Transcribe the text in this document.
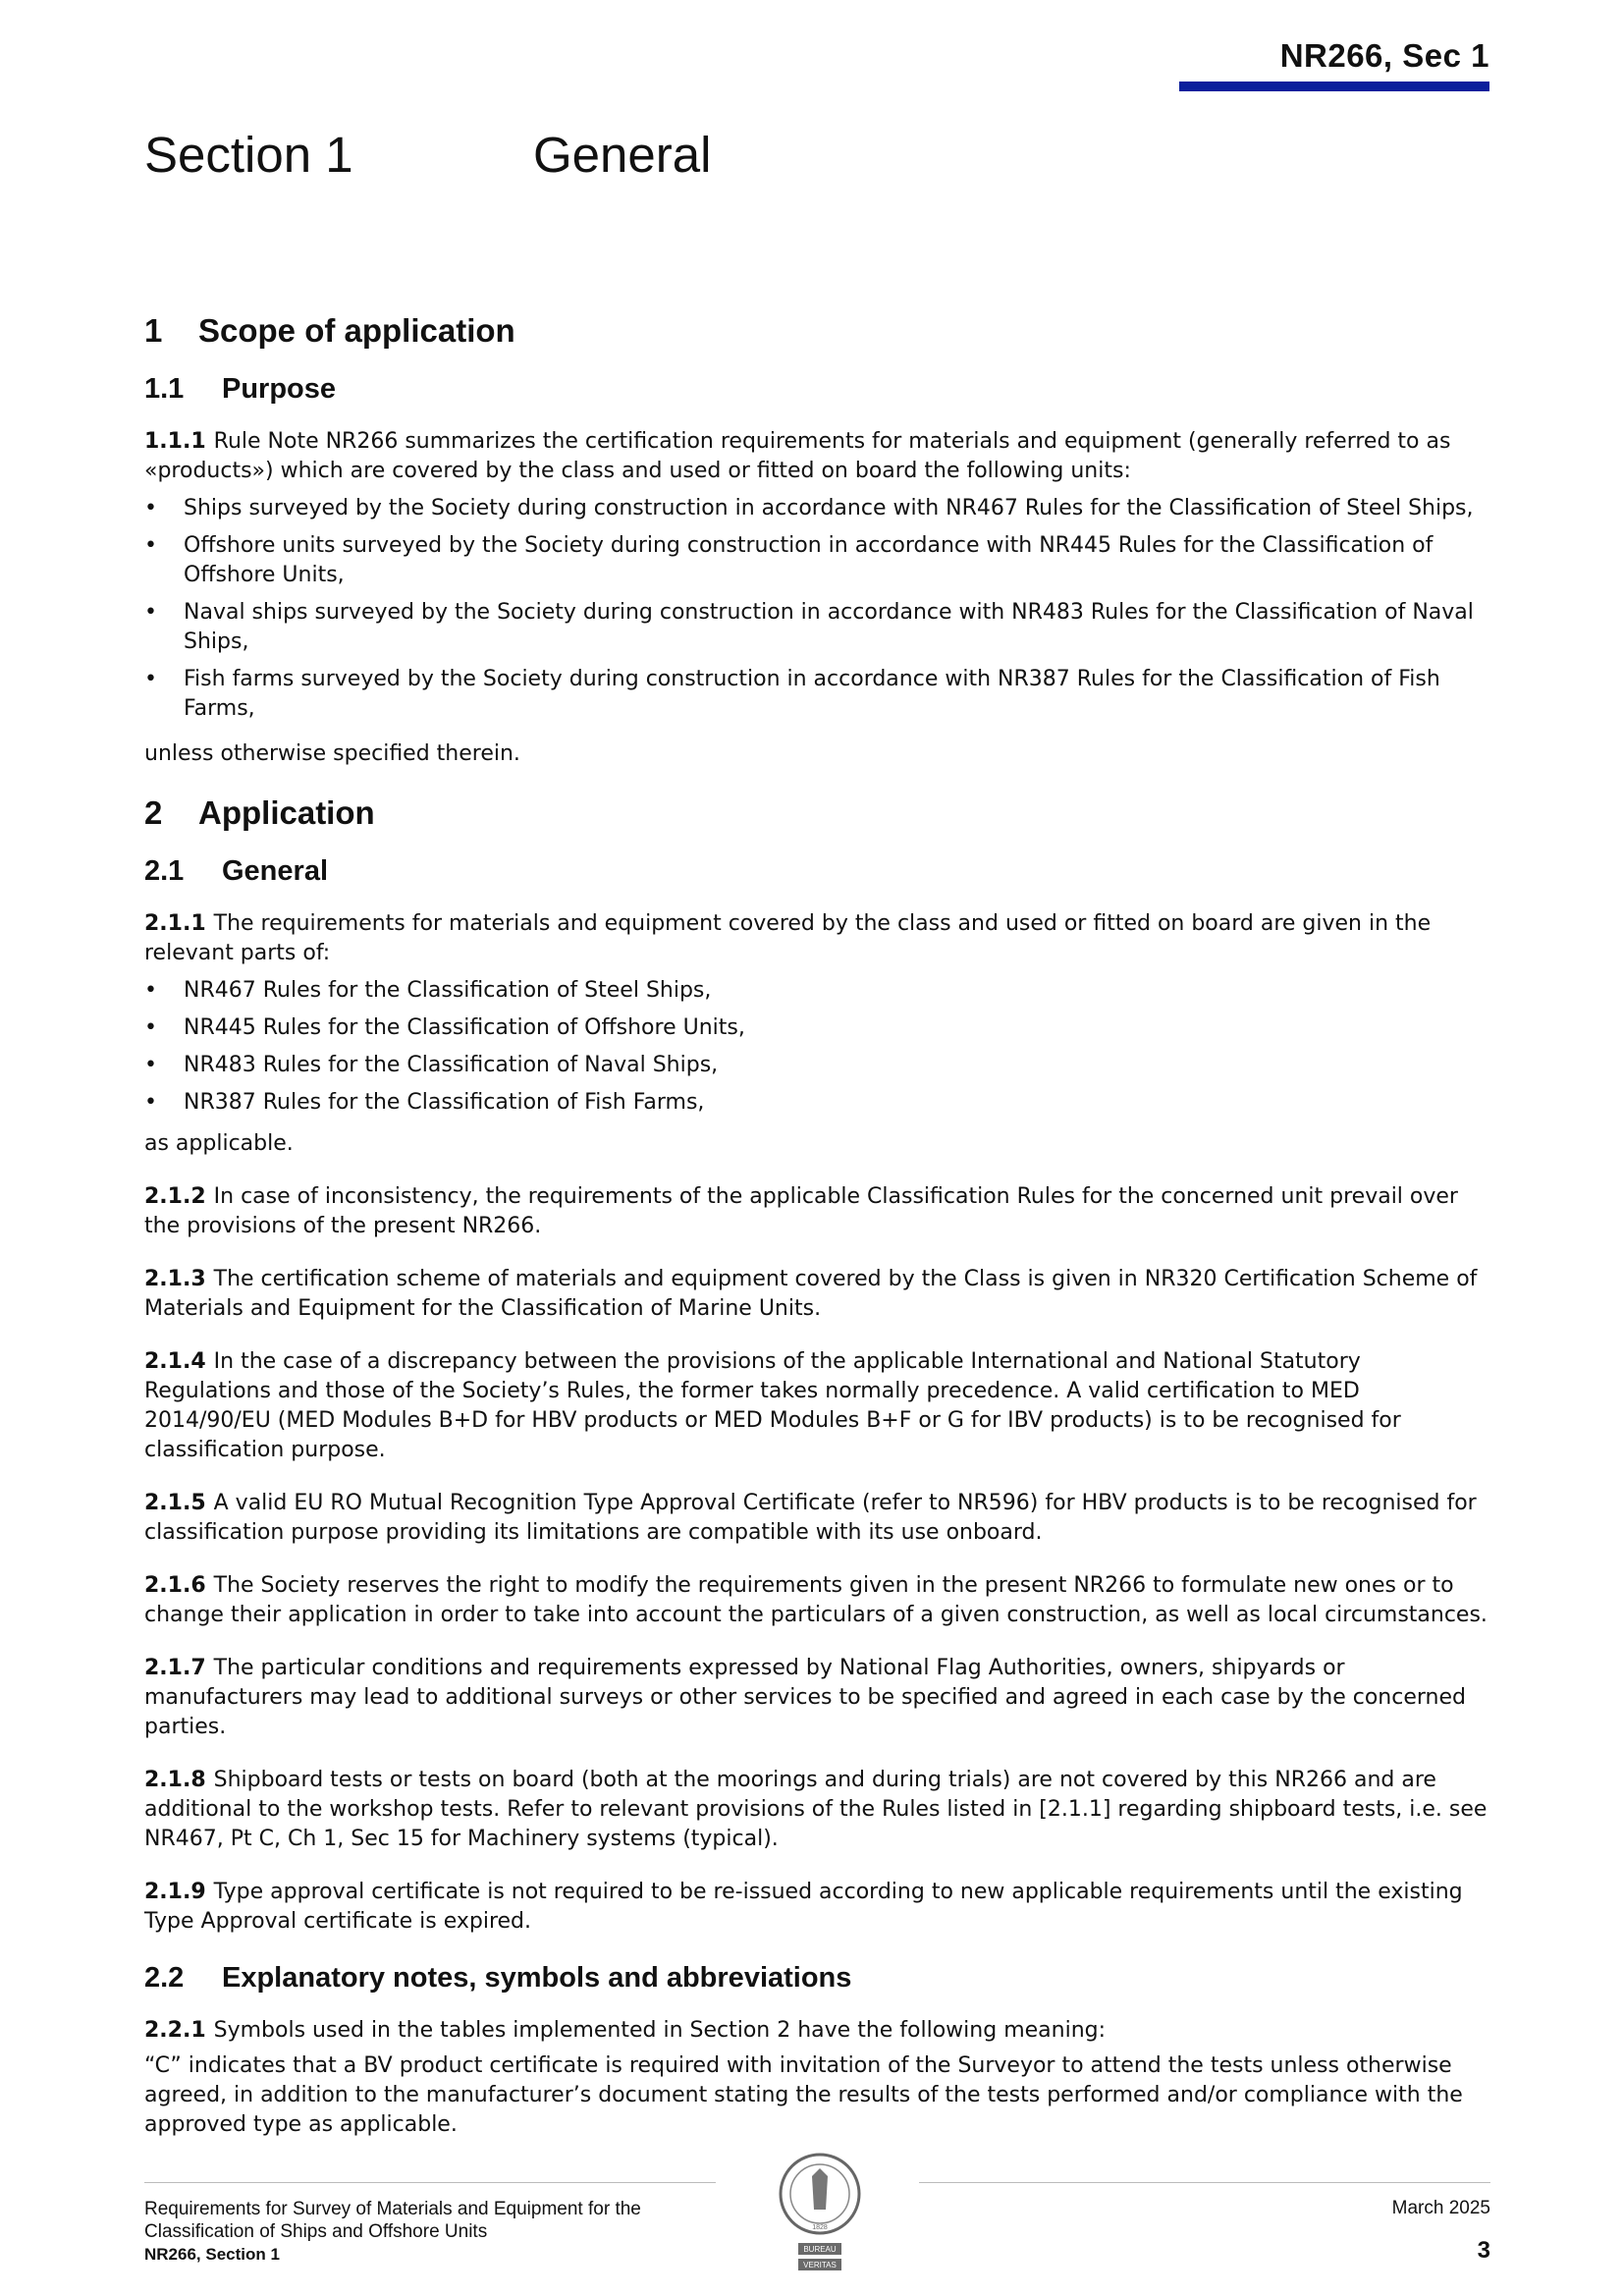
NR266, Sec 1
Section 1	General
1	Scope of application
1.1	Purpose

1.1.1 Rule Note NR266 summarizes the certification requirements for materials and equipment (generally referred to as «products») which are covered by the class and used or fitted on board the following units:

• Ships surveyed by the Society during construction in accordance with NR467 Rules for the Classification of Steel Ships,
• Offshore units surveyed by the Society during construction in accordance with NR445 Rules for the Classification of Offshore Units,
• Naval ships surveyed by the Society during construction in accordance with NR483 Rules for the Classification of Naval Ships,
• Fish farms surveyed by the Society during construction in accordance with NR387 Rules for the Classification of Fish Farms,

unless otherwise specified therein.

2	Application
2.1	General

2.1.1 The requirements for materials and equipment covered by the class and used or fitted on board are given in the relevant parts of:

• NR467 Rules for the Classification of Steel Ships,
• NR445 Rules for the Classification of Offshore Units,
• NR483 Rules for the Classification of Naval Ships,
• NR387 Rules for the Classification of Fish Farms,

as applicable.

2.1.2 In case of inconsistency, the requirements of the applicable Classification Rules for the concerned unit prevail over the provisions of the present NR266.

2.1.3 The certification scheme of materials and equipment covered by the Class is given in NR320 Certification Scheme of Materials and Equipment for the Classification of Marine Units.

2.1.4 In the case of a discrepancy between the provisions of the applicable International and National Statutory Regulations and those of the Society’s Rules, the former takes normally precedence. A valid certification to MED 2014/90/EU (MED Modules B+D for HBV products or MED Modules B+F or G for IBV products) is to be recognised for classification purpose.

2.1.5 A valid EU RO Mutual Recognition Type Approval Certificate (refer to NR596) for HBV products is to be recognised for classification purpose providing its limitations are compatible with its use onboard.

2.1.6 The Society reserves the right to modify the requirements given in the present NR266 to formulate new ones or to change their application in order to take into account the particulars of a given construction, as well as local circumstances.

2.1.7 The particular conditions and requirements expressed by National Flag Authorities, owners, shipyards or manufacturers may lead to additional surveys or other services to be specified and agreed in each case by the concerned parties.

2.1.8 Shipboard tests or tests on board (both at the moorings and during trials) are not covered by this NR266 and are additional to the workshop tests. Refer to relevant provisions of the Rules listed in [2.1.1] regarding shipboard tests, i.e. see NR467, Pt C, Ch 1, Sec 15 for Machinery systems (typical).

2.1.9 Type approval certificate is not required to be re-issued according to new applicable requirements until the existing Type Approval certificate is expired.

2.2	Explanatory notes, symbols and abbreviations

2.2.1 Symbols used in the tables implemented in Section 2 have the following meaning:

“C” indicates that a BV product certificate is required with invitation of the Surveyor to attend the tests unless otherwise agreed, in addition to the manufacturer’s document stating the results of the tests performed and/or compliance with the approved type as applicable.

Requirements for Survey of Materials and Equipment for the
Classification of Ships and Offshore Units
NR266, Section 1	BUREAU
VERITAS
1828
March 2025
3
